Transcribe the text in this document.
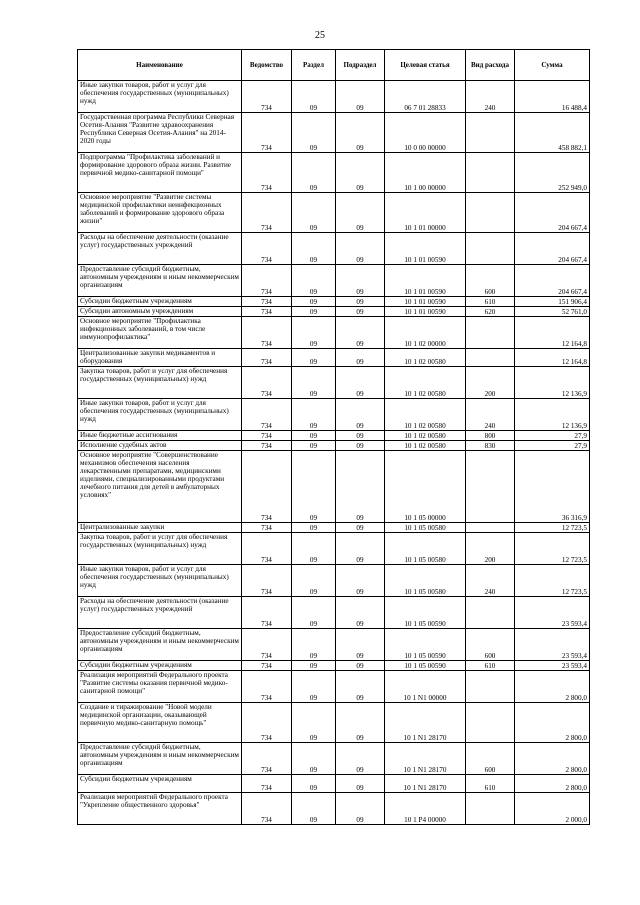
25
Наименование	Ведомство	Раздел	Подраздел	Целевая статья	Вид расхода	Сумма
Иные закупки товаров, работ и услуг для обеспечения государственных (муниципальных) нужд	734	09	09	06 7 01 28833	240	16 488,4
Государственная программа Республики Северная Осетия-Алания "Развитие здравоохранения Республики Северная Осетия-Алания" на 2014-2020 годы	734	09	09	10 0 00 00000		458 882,1
Подпрограмма "Профилактика заболеваний и формирование здорового образа жизни. Развитие первичной медико-санитарной помощи"	734	09	09	10 1 00 00000		252 949,0
Основное мероприятие "Развитие системы медицинской профилактики неинфекционных заболеваний и формирование здорового образа жизни"	734	09	09	10 1 01 00000		204 667,4
Расходы на обеспечение деятельности (оказание услуг) государственных учреждений	734	09	09	10 1 01 00590		204 667,4
Предоставление субсидий бюджетным, автономным учреждениям и иным некоммерческим организациям	734	09	09	10 1 01 00590	600	204 667,4
Субсидии бюджетным учреждениям	734	09	09	10 1 01 00590	610	151 906,4
Субсидии автономным учреждениям	734	09	09	10 1 01 00590	620	52 761,0
Основное мероприятие "Профилактика инфекционных заболеваний, в том числе иммунопрофилактика"	734	09	09	10 1 02 00000		12 164,8
Централизованные закупки медикаментов и оборудования	734	09	09	10 1 02 00580		12 164,8
Закупка товаров, работ и услуг для обеспечения государственных (муниципальных) нужд	734	09	09	10 1 02 00580	200	12 136,9
Иные закупки товаров, работ и услуг для обеспечения государственных (муниципальных) нужд	734	09	09	10 1 02 00580	240	12 136,9
Иные бюджетные ассигнования	734	09	09	10 1 02 00580	800	27,9
Исполнение судебных актов	734	09	09	10 1 02 00580	830	27,9
Основное мероприятие "Совершенствование механизмов обеспечения населения лекарственными препаратами, медицинскими изделиями, специализированными продуктами лечебного питания для детей в амбулаторных условиях"	734	09	09	10 1 05 00000		36 316,9
Централизованные закупки	734	09	09	10 1 05 00580		12 723,5
Закупка товаров, работ и услуг для обеспечения государственных (муниципальных) нужд	734	09	09	10 1 05 00580	200	12 723,5
Иные закупки товаров, работ и услуг для обеспечения государственных (муниципальных) нужд	734	09	09	10 1 05 00580	240	12 723,5
Расходы на обеспечение деятельности (оказание услуг) государственных учреждений	734	09	09	10 1 05 00590		23 593,4
Предоставление субсидий бюджетным, автономным учреждениям и иным некоммерческим организациям	734	09	09	10 1 05 00590	600	23 593,4
Субсидии бюджетным учреждениям	734	09	09	10 1 05 00590	610	23 593,4
Реализация мероприятий Федерального проекта "Развитие системы оказания первичной медико-санитарной помощи"	734	09	09	10 1 N1 00000		2 800,0
Создание и тиражирование "Новой модели медицинской организации, оказывающей первичную медико-санитарную помощь"	734	09	09	10 1 N1 28170		2 800,0
Предоставление субсидий бюджетным, автономным учреждениям и иным некоммерческим организациям	734	09	09	10 1 N1 28170	600	2 800,0
Субсидии бюджетным учреждениям	734	09	09	10 1 N1 28170	610	2 800,0
Реализация мероприятий Федерального проекта "Укрепление общественного здоровья"	734	09	09	10 1 P4 00000		2 000,0
